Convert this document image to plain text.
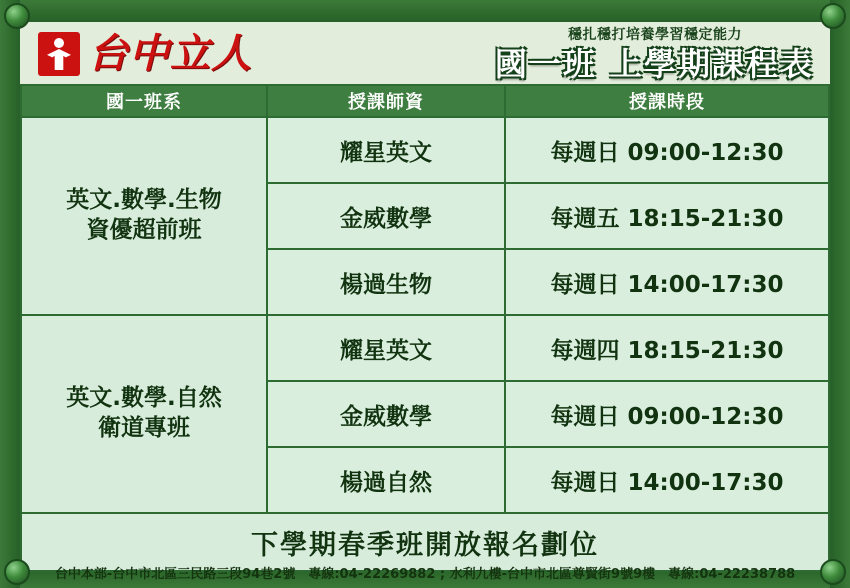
台中立人	穩扎穩打培養學習穩定能力
國一班 上學期課程表
國一班系	授課師資	授課時段

英文.數學.生物
資優超前班	耀星英文	每週日 09:00-12:30
	金威數學	每週五 18:15-21:30
	楊過生物	每週日 14:00-17:30

英文.數學.自然
衛道專班	耀星英文	每週四 18:15-21:30
	金威數學	每週日 09:00-12:30
	楊過自然	每週日 14:00-17:30
下學期春季班開放報名劃位		
台中本部-台中市北區三民路三段94巷2號　專線:04-22269882 ; 水利九樓-台中市北區尊賢街9號9樓　專線:04-22238788
